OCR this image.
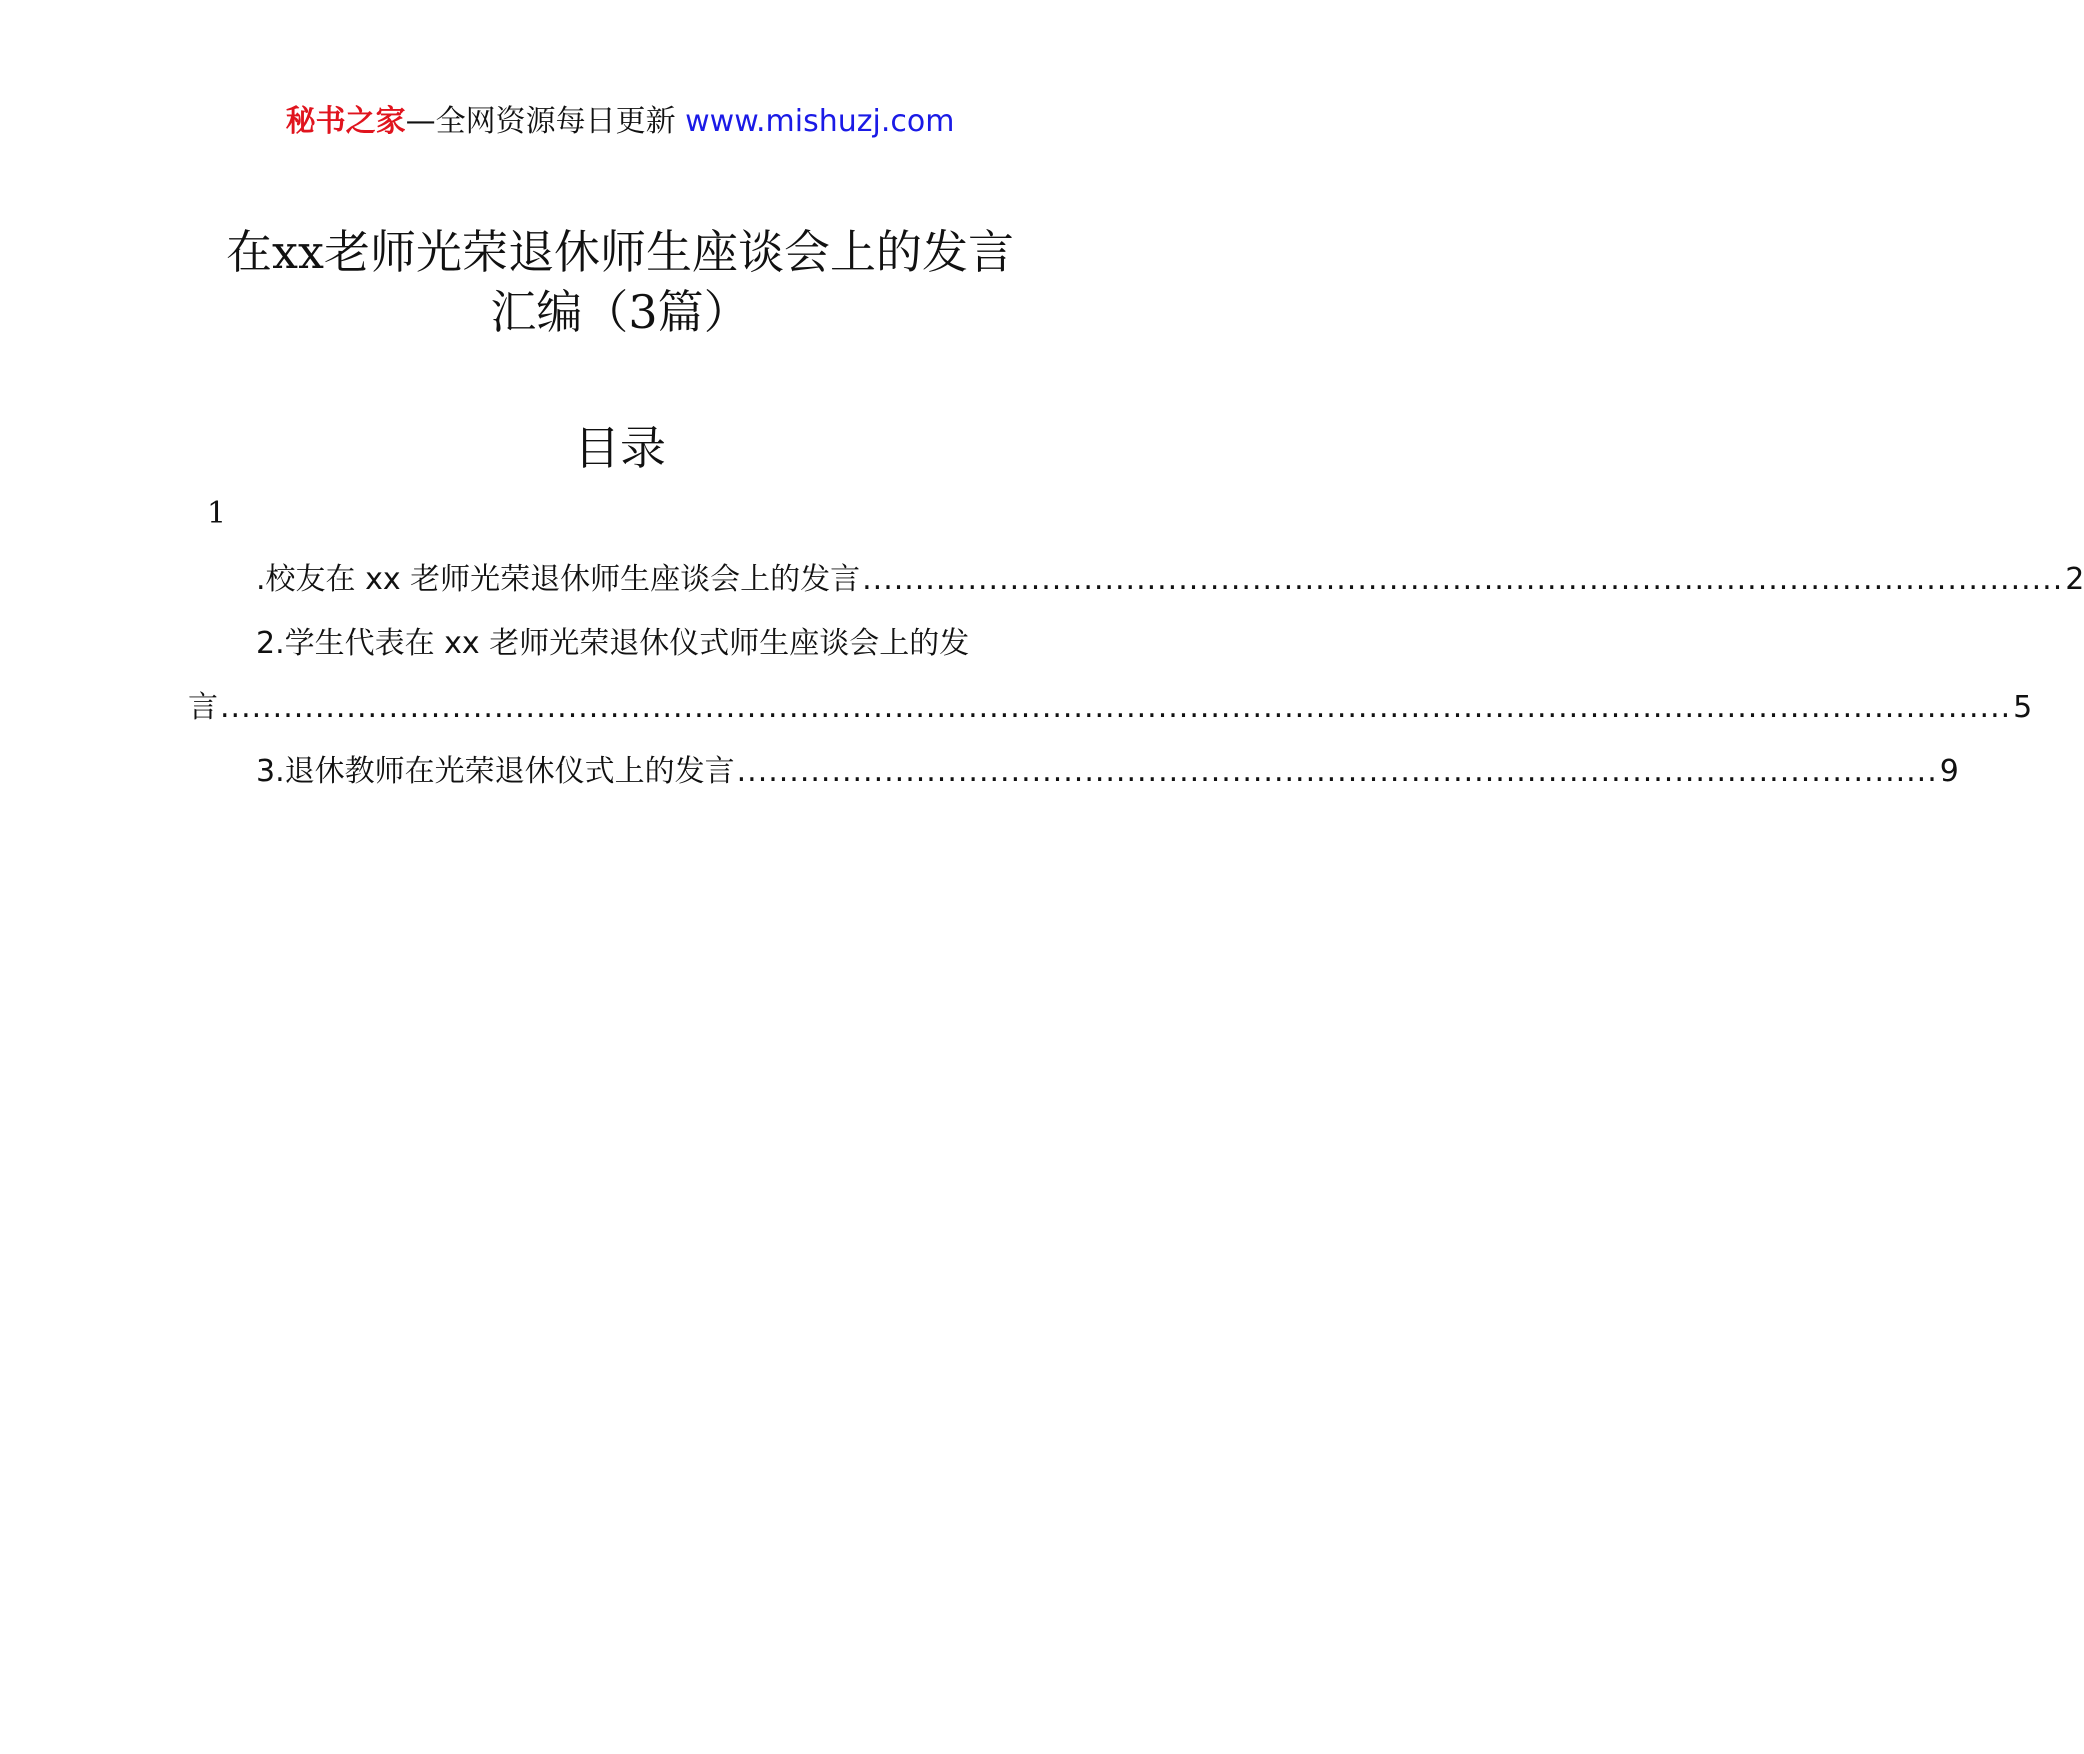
秘书之家—全网资源每日更新 www.mishuzj.com
在xx老师光荣退休师生座谈会上的发言
汇编（3篇）
目录
1
.校友在 xx 老师光荣退休师生座谈会上的发言 .................................................................................................................. 2
2.学生代表在 xx 老师光荣退休仪式师生座谈会上的发
言 .......................................................................................................................................................................... 5
3.退休教师在光荣退休仪式上的发言 .................................................................................................................. 9
